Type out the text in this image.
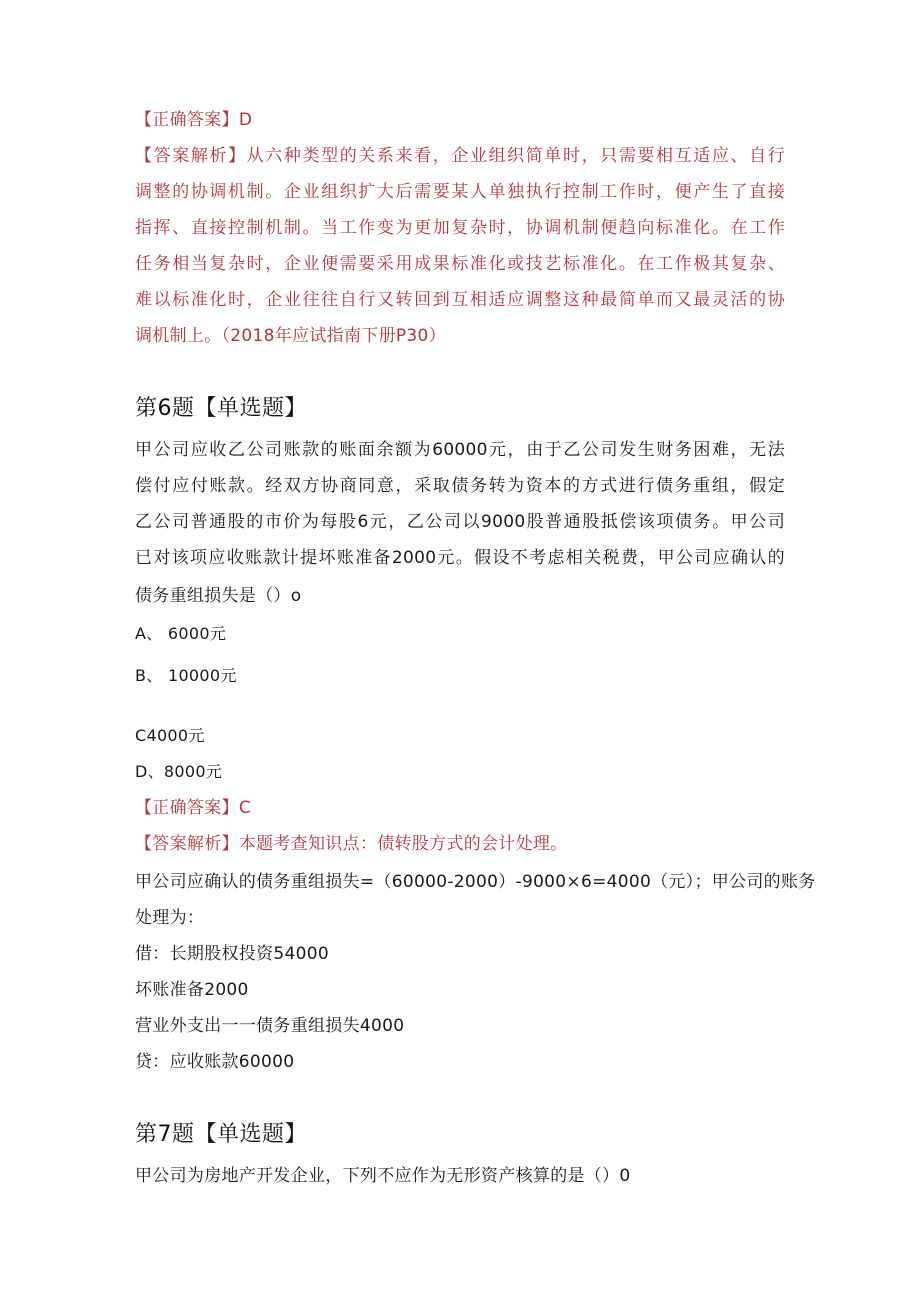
【正确答案】D
【答案解析】从六种类型的关系来看，企业组织简单时，只需要相互适应、自行
调整的协调机制。企业组织扩大后需要某人单独执行控制工作时，便产生了直接
指挥、直接控制机制。当工作变为更加复杂时，协调机制便趋向标准化。在工作
任务相当复杂时，企业便需要采用成果标准化或技艺标准化。在工作极其复杂、
难以标准化时，企业往往自行又转回到互相适应调整这种最简单而又最灵活的协
调机制上。（2018年应试指南下册P30）
第6题【单选题】
甲公司应收乙公司账款的账面余额为60000元，由于乙公司发生财务困难，无法
偿付应付账款。经双方协商同意，采取债务转为资本的方式进行债务重组，假定
乙公司普通股的市价为每股6元，乙公司以9000股普通股抵偿该项债务。甲公司
已对该项应收账款计提坏账准备2000元。假设不考虑相关税费，甲公司应确认的
债务重组损失是（）o
A、 6000元
B、 10000元
C4000元
D、8000元
【正确答案】C
【答案解析】本题考查知识点：债转股方式的会计处理。
甲公司应确认的债务重组损失=（60000-2000）-9000×6=4000（元）；甲公司的账务
处理为：
借：长期股权投资54000
坏账准备2000
营业外支出一一债务重组损失4000
贷：应收账款60000
第7题【单选题】
甲公司为房地产开发企业，下列不应作为无形资产核算的是（）0
